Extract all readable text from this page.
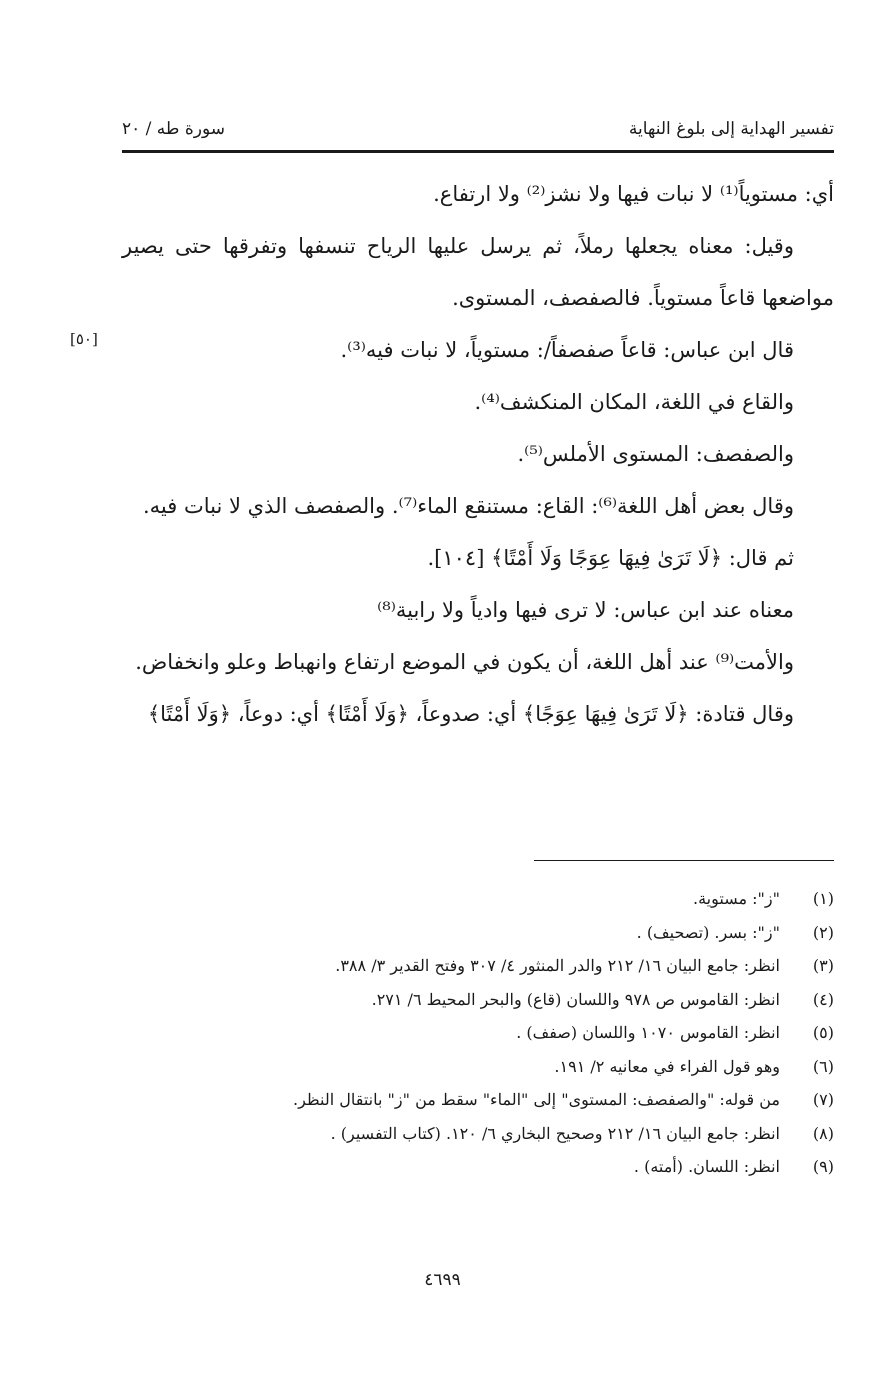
تفسير الهداية إلى بلوغ النهاية
سورة طه / ٢٠
[٥٠]

أي: مستوياً⁽¹⁾ لا نبات فيها ولا نشز⁽²⁾ ولا ارتفاع.

وقيل: معناه يجعلها رملاً، ثم يرسل عليها الرياح تنسفها وتفرقها حتى يصير مواضعها قاعاً مستوياً. فالصفصف، المستوى.

قال ابن عباس: قاعاً صفصفاً/: مستوياً، لا نبات فيه⁽³⁾.

والقاع في اللغة، المكان المنكشف⁽⁴⁾.

والصفصف: المستوى الأملس⁽⁵⁾.

وقال بعض أهل اللغة⁽⁶⁾: القاع: مستنقع الماء⁽⁷⁾. والصفصف الذي لا نبات فيه.

ثم قال: ﴿لَا تَرَىٰ فِيهَا عِوَجًا وَلَا أَمْتًا﴾ [١٠٤].

معناه عند ابن عباس: لا ترى فيها وادياً ولا رابية⁽⁸⁾

والأمت⁽⁹⁾ عند أهل اللغة، أن يكون في الموضع ارتفاع وانهباط وعلو وانخفاض.

وقال قتادة: ﴿لَا تَرَىٰ فِيهَا عِوَجًا﴾ أي: صدوعاً، ﴿وَلَا أَمْتًا﴾ أي: دوعاً، ﴿وَلَا أَمْتًا﴾

(١)
"ز": مستوية.
(٢)
"ز": بسر. (تصحيف) .
(٣)
انظر: جامع البيان ١٦/ ٢١٢ والدر المنثور ٤/ ٣٠٧ وفتح القدير ٣/ ٣٨٨.
(٤)
انظر: القاموس ص ٩٧٨ واللسان (قاع) والبحر المحيط ٦/ ٢٧١.
(٥)
انظر: القاموس ١٠٧٠ واللسان (صفف) .
(٦)
وهو قول الفراء في معانيه ٢/ ١٩١.
(٧)
من قوله: "والصفصف: المستوى" إلى "الماء" سقط من "ز" بانتقال النظر.
(٨)
انظر: جامع البيان ١٦/ ٢١٢ وصحيح البخاري ٦/ ١٢٠. (كتاب التفسير) .
(٩)
انظر: اللسان. (أمته) .
٤٦٩٩
